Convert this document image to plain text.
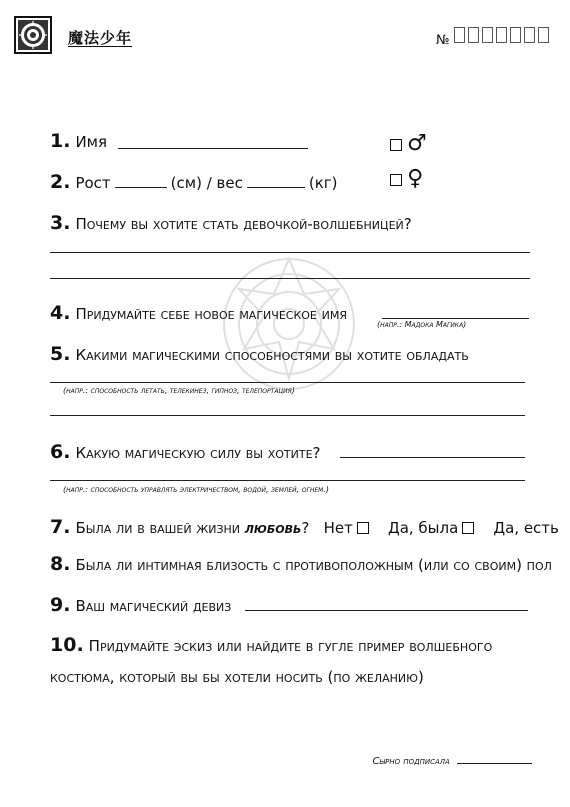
魔法少年	№
1. Имя	♂
2. Рост	(см) / вес	(кг)	♀
3. Почему вы хотите стать девочкой-волшебницей?
4. Придумайте себе новое магическое имя
(напр.: Мадока Магика)
5. Какими магическими способностями вы хотите обладать
(напр.: способность летать, телекинез, гипноз, телепортация)
6. Какую магическую силу вы хотите?
(напр.: способность управлять электричеством, водой, землей, огнем.)
7. Была ли в вашей жизни любовь? Нет Да, была Да, есть
8. Была ли интимная близость с противоположным (или со своим) пол
9. Ваш магический девиз
10. Придумайте эскиз или найдите в гугле пример волшебного
костюма, который вы бы хотели носить (по желанию)
Сырно подписала
